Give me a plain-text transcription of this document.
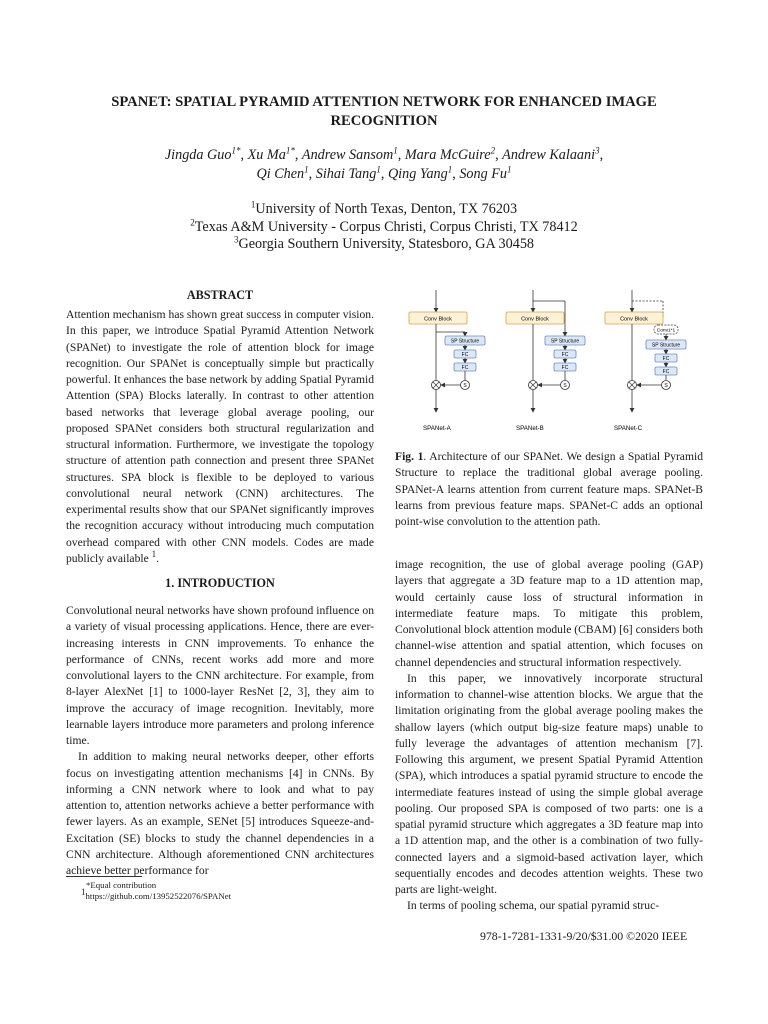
SPANET: SPATIAL PYRAMID ATTENTION NETWORK FOR ENHANCED IMAGE
RECOGNITION
Jingda Guo$^{1*}$, Xu $Ma^{1*}$, Andrew Sansom$^1$, Mara McGuire$^2$, Andrew Kalaani$^3$,
Qi Chen$^1$, Sihai Tang$^1$, Qing Yang$^1$, Song Fu$^1$
$^1$University of North Texas, Denton, TX 76203
$^2$Texas A&M University - Corpus Christi, Corpus Christi, TX 78412
$^3$Georgia Southern University, Statesboro, GA 30458
ABSTRACT

Attention mechanism has shown great success in computer vision. In this paper, we introduce Spatial Pyramid Attention Network (SPANet) to investigate the role of attention block for image recognition. Our SPANet is conceptually simple but practically powerful. It enhances the base network by adding Spatial Pyramid Attention (SPA) Blocks laterally. In contrast to other attention based networks that leverage global average pooling, our proposed SPANet considers both structural regularization and structural information. Furthermore, we investigate the topology structure of attention path connection and present three SPANet structures. SPA block is flexible to be deployed to various convolutional neural network (CNN) architectures. The experimental results show that our SPANet significantly improves the recognition accuracy without introducing much computation overhead compared with other CNN models. Codes are made publicly available $^1$.

1. INTRODUCTION

Convolutional neural networks have shown profound influence on a variety of visual processing applications. Hence, there are ever-increasing interests in CNN improvements. To enhance the performance of CNNs, recent works add more and more convolutional layers to the CNN architecture. For example, from 8-layer AlexNet [1] to 1000-layer ResNet [2, 3], they aim to improve the accuracy of image recognition. Inevitably, more learnable layers introduce more parameters and prolong inference time.

In addition to making neural networks deeper, other efforts focus on investigating attention mechanisms [4] in CNNs. By informing a CNN network where to look and what to pay attention to, attention networks achieve a better performance with fewer layers. As an example, SENet [5] introduces Squeeze-and-Excitation (SE) blocks to study the channel dependencies in a CNN architecture. Although aforementioned CNN architectures achieve better performance for

*Equal contribution
$^1$https://github.com/13952522076/SPANet
Conv Block
SP Structure
FC
FC
S
SPANet-A
Conv Block
SP Structure
FC
FC
S
SPANet-B
Conv Block
Conv1*1
SP Structure
FC
FC
S
SPANet-C

Fig. 1. Architecture of our SPANet. We design a Spatial Pyramid Structure to replace the traditional global average pooling. SPANet-A learns attention from current feature maps. SPANet-B learns from previous feature maps. SPANet-C adds an optional point-wise convolution to the attention path.

image recognition, the use of global average pooling (GAP) layers that aggregate a 3D feature map to a 1D attention map, would certainly cause loss of structural information in intermediate feature maps. To mitigate this problem, Convolutional block attention module (CBAM) [6] considers both channel-wise attention and spatial attention, which focuses on channel dependencies and structural information respectively.

In this paper, we innovatively incorporate structural information to channel-wise attention blocks. We argue that the limitation originating from the global average pooling makes the shallow layers (which output big-size feature maps) unable to fully leverage the advantages of attention mechanism [7]. Following this argument, we present Spatial Pyramid Attention (SPA), which introduces a spatial pyramid structure to encode the intermediate features instead of using the simple global average pooling. Our proposed SPA is composed of two parts: one is a spatial pyramid structure which aggregates a 3D feature map into a 1D attention map, and the other is a combination of two fully-connected layers and a sigmoid-based activation layer, which sequentially encodes and decodes attention weights. These two parts are light-weight.

In terms of pooling schema, our spatial pyramid struc-

978-1-7281-1331-9/20/$31.00 ©2020 IEEE
